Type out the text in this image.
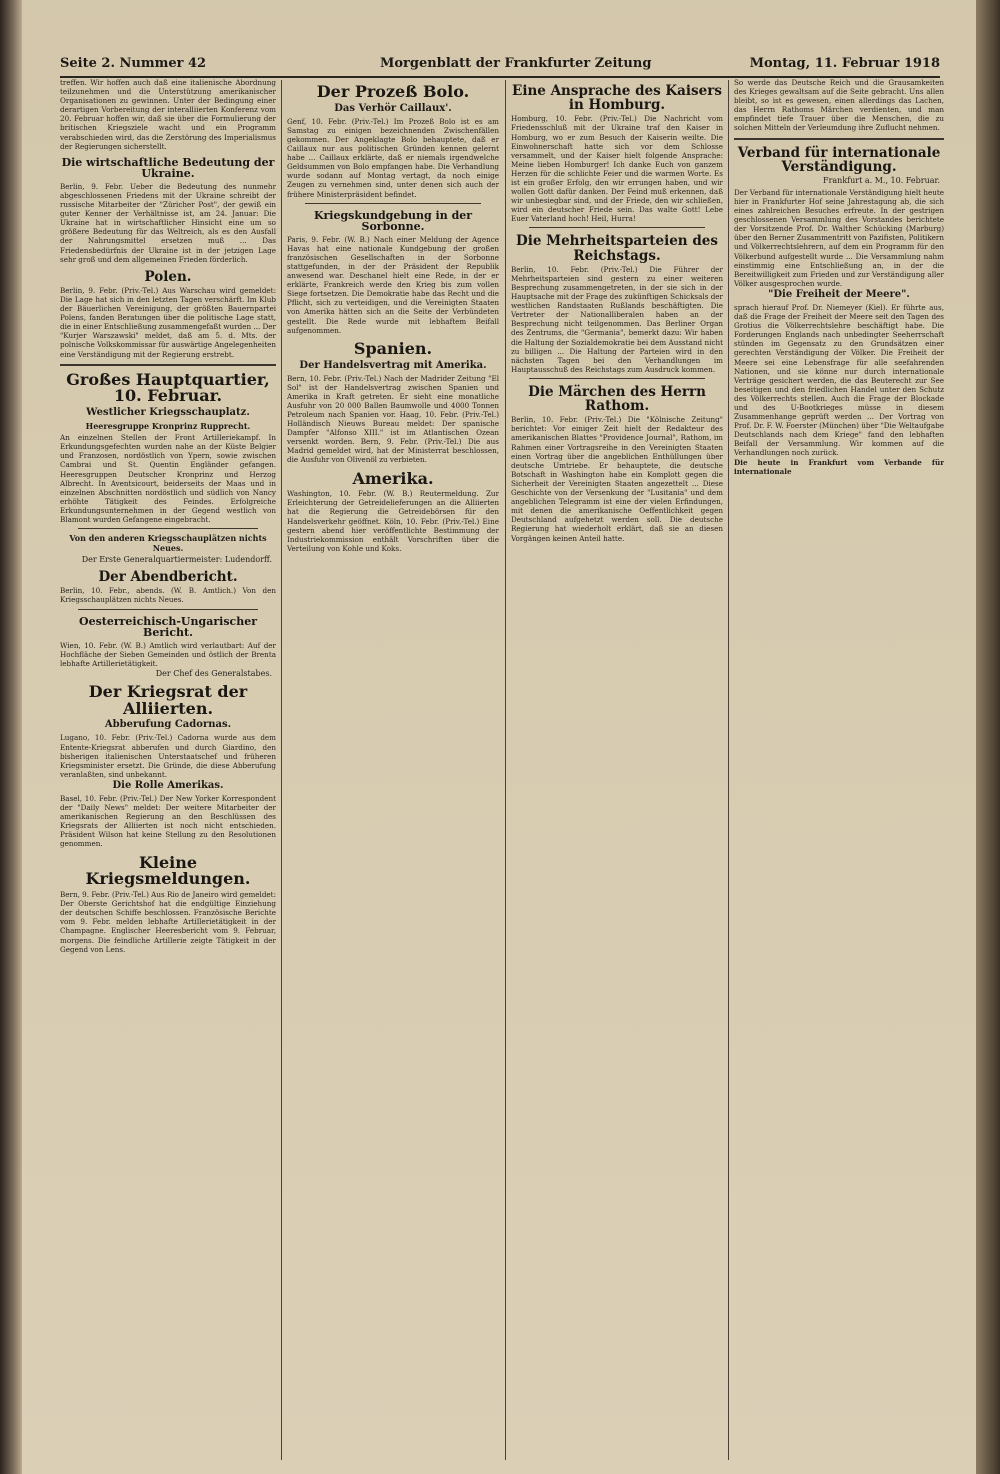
Seite 2. Nummer 42	Morgenblatt der Frankfurter Zeitung	Montag, 11. Februar 1918

treffen. Wir hoffen auch daß eine italienische Abordnung teilzunehmen und die Unterstützung amerikanischer Organisationen zu gewinnen. Unter der Bedingung einer derartigen Vorbereitung der interalliierten Konferenz vom 20. Februar hoffen wir, daß sie über die Formulierung der britischen Kriegsziele wacht und ein Programm verabschieden wird, das die Zerstörung des Imperialismus der Regierungen sicherstellt.

Die wirtschaftliche Bedeutung der Ukraine.

Berlin, 9. Febr. Ueber die Bedeutung des nunmehr abgeschlossenen Friedens mit der Ukraine schreibt der russische Mitarbeiter der "Züricher Post", der gewiß ein guter Kenner der Verhältnisse ist, am 24. Januar: Die Ukraine hat in wirtschaftlicher Hinsicht eine um so größere Bedeutung für das Weltreich, als es den Ausfall der Nahrungsmittel ersetzen muß ... Das Friedensbedürfnis der Ukraine ist in der jetzigen Lage sehr groß und dem allgemeinen Frieden förderlich.

Polen.

Berlin, 9. Febr. (Priv.-Tel.) Aus Warschau wird gemeldet: Die Lage hat sich in den letzten Tagen verschärft. Im Klub der Bäuerlichen Vereinigung, der größten Bauernpartei Polens, fanden Beratungen über die politische Lage statt, die in einer Entschließung zusammengefaßt wurden ... Der "Kurjer Warszawski" meldet, daß am 5. d. Mts. der polnische Volkskommissar für auswärtige Angelegenheiten eine Verständigung mit der Regierung erstrebt.

Großes Hauptquartier, 10. Februar.
Westlicher Kriegsschauplatz.
Heeresgruppe Kronprinz Rupprecht.

An einzelnen Stellen der Front Artilleriekampf. In Erkundungsgefechten wurden nahe an der Küste Belgier und Franzosen, nordöstlich von Ypern, sowie zwischen Cambrai und St. Quentin Engländer gefangen. Heeresgruppen Deutscher Kronprinz und Herzog Albrecht. In Aventsicourt, beiderseits der Maas und in einzelnen Abschnitten nordöstlich und südlich von Nancy erhöhte Tätigkeit des Feindes. Erfolgreiche Erkundungsunternehmen in der Gegend westlich von Blamont wurden Gefangene eingebracht.

Von den anderen Kriegsschauplätzen nichts Neues.
Der Erste Generalquartiermeister: Ludendorff.
Der Abendbericht.

Berlin, 10. Febr., abends. (W. B. Amtlich.) Von den Kriegsschauplätzen nichts Neues.

Oesterreichisch-Ungarischer Bericht.

Wien, 10. Febr. (W. B.) Amtlich wird verlautbart: Auf der Hochfläche der Sieben Gemeinden und östlich der Brenta lebhafte Artillerietätigkeit.

Der Chef des Generalstabes.
Der Kriegsrat der Alliierten.
Abberufung Cadornas.

Lugano, 10. Febr. (Priv.-Tel.) Cadorna wurde aus dem Entente-Kriegsrat abberufen und durch Giardino, den bisherigen italienischen Unterstaatschef und früheren Kriegsminister ersetzt. Die Gründe, die diese Abberufung veranlaßten, sind unbekannt.

Die Rolle Amerikas.

Basel, 10. Febr. (Priv.-Tel.) Der New Yorker Korrespondent der "Daily News" meldet: Der weitere Mitarbeiter der amerikanischen Regierung an den Beschlüssen des Kriegsrats der Alliierten ist noch nicht entschieden. Präsident Wilson hat keine Stellung zu den Resolutionen genommen.

Kleine Kriegsmeldungen.

Bern, 9. Febr. (Priv.-Tel.) Aus Rio de Janeiro wird gemeldet: Der Oberste Gerichtshof hat die endgültige Einziehung der deutschen Schiffe beschlossen. Französische Berichte vom 9. Febr. melden lebhafte Artillerietätigkeit in der Champagne. Englischer Heeresbericht vom 9. Februar, morgens. Die feindliche Artillerie zeigte Tätigkeit in der Gegend von Lens.

Der Prozeß Bolo.
Das Verhör Caillaux'.

Genf, 10. Febr. (Priv.-Tel.) Im Prozeß Bolo ist es am Samstag zu einigen bezeichnenden Zwischenfällen gekommen. Der Angeklagte Bolo behauptete, daß er Caillaux nur aus politischen Gründen kennen gelernt habe ... Caillaux erklärte, daß er niemals irgendwelche Geldsummen von Bolo empfangen habe. Die Verhandlung wurde sodann auf Montag vertagt, da noch einige Zeugen zu vernehmen sind, unter denen sich auch der frühere Ministerpräsident befindet.

Kriegskundgebung in der Sorbonne.

Paris, 9. Febr. (W. B.) Nach einer Meldung der Agence Havas hat eine nationale Kundgebung der großen französischen Gesellschaften in der Sorbonne stattgefunden, in der der Präsident der Republik anwesend war. Deschanel hielt eine Rede, in der er erklärte, Frankreich werde den Krieg bis zum vollen Siege fortsetzen. Die Demokratie habe das Recht und die Pflicht, sich zu verteidigen, und die Vereinigten Staaten von Amerika hätten sich an die Seite der Verbündeten gestellt. Die Rede wurde mit lebhaftem Beifall aufgenommen.

Spanien.
Der Handelsvertrag mit Amerika.

Bern, 10. Febr. (Priv.-Tel.) Nach der Madrider Zeitung "El Sol" ist der Handelsvertrag zwischen Spanien und Amerika in Kraft getreten. Er sieht eine monatliche Ausfuhr von 20 000 Ballen Baumwolle und 4000 Tonnen Petroleum nach Spanien vor. Haag, 10. Febr. (Priv.-Tel.) Holländisch Nieuws Bureau meldet: Der spanische Dampfer "Alfonso XIII." ist im Atlantischen Ozean versenkt worden. Bern, 9. Febr. (Priv.-Tel.) Die aus Madrid gemeldet wird, hat der Ministerrat beschlossen, die Ausfuhr von Olivenöl zu verbieten.

Amerika.

Washington, 10. Febr. (W. B.) Reutermeldung. Zur Erleichterung der Getreidelieferungen an die Alliierten hat die Regierung die Getreidebörsen für den Handelsverkehr geöffnet. Köln, 10. Febr. (Priv.-Tel.) Eine gestern abend hier veröffentlichte Bestimmung der Industriekommission enthält Vorschriften über die Verteilung von Kohle und Koks.

Eine Ansprache des Kaisers in Homburg.

Homburg, 10. Febr. (Priv.-Tel.) Die Nachricht vom Friedensschluß mit der Ukraine traf den Kaiser in Homburg, wo er zum Besuch der Kaiserin weilte. Die Einwohnerschaft hatte sich vor dem Schlosse versammelt, und der Kaiser hielt folgende Ansprache: Meine lieben Homburger! Ich danke Euch von ganzem Herzen für die schlichte Feier und die warmen Worte. Es ist ein großer Erfolg, den wir errungen haben, und wir wollen Gott dafür danken. Der Feind muß erkennen, daß wir unbesiegbar sind, und der Friede, den wir schließen, wird ein deutscher Friede sein. Das walte Gott! Lebe Euer Vaterland hoch! Heil, Hurra!

Die Mehrheitsparteien des Reichstags.

Berlin, 10. Febr. (Priv.-Tel.) Die Führer der Mehrheitsparteien sind gestern zu einer weiteren Besprechung zusammengetreten, in der sie sich in der Hauptsache mit der Frage des zukünftigen Schicksals der westlichen Randstaaten Rußlands beschäftigten. Die Vertreter der Nationalliberalen haben an der Besprechung nicht teilgenommen. Das Berliner Organ des Zentrums, die "Germania", bemerkt dazu: Wir haben die Haltung der Sozialdemokratie bei dem Ausstand nicht zu billigen ... Die Haltung der Parteien wird in den nächsten Tagen bei den Verhandlungen im Hauptausschuß des Reichstags zum Ausdruck kommen.

Die Märchen des Herrn Rathom.

Berlin, 10. Febr. (Priv.-Tel.) Die "Kölnische Zeitung" berichtet: Vor einiger Zeit hielt der Redakteur des amerikanischen Blattes "Providence Journal", Rathom, im Rahmen einer Vortragsreihe in den Vereinigten Staaten einen Vortrag über die angeblichen Enthüllungen über deutsche Umtriebe. Er behauptete, die deutsche Botschaft in Washington habe ein Komplott gegen die Sicherheit der Vereinigten Staaten angezettelt ... Diese Geschichte von der Versenkung der "Lusitania" und dem angeblichen Telegramm ist eine der vielen Erfindungen, mit denen die amerikanische Oeffentlichkeit gegen Deutschland aufgehetzt werden soll. Die deutsche Regierung hat wiederholt erklärt, daß sie an diesen Vorgängen keinen Anteil hatte.

So werde das Deutsche Reich und die Grausamkeiten des Krieges gewaltsam auf die Seite gebracht. Uns allen bleibt, so ist es gewesen, einen allerdings das Lachen, das Herrn Rathoms Märchen verdienten, und man empfindet tiefe Trauer über die Menschen, die zu solchen Mitteln der Verleumdung ihre Zuflucht nehmen.

Verband für internationale Verständigung.
Frankfurt a. M., 10. Februar.

Der Verband für internationale Verständigung hielt heute hier in Frankfurter Hof seine Jahrestagung ab, die sich eines zahlreichen Besuches erfreute. In der gestrigen geschlossenen Versammlung des Vorstandes berichtete der Vorsitzende Prof. Dr. Walther Schücking (Marburg) über den Berner Zusammentritt von Pazifisten, Politikern und Völkerrechtslehrern, auf dem ein Programm für den Völkerbund aufgestellt wurde ... Die Versammlung nahm einstimmig eine Entschließung an, in der die Bereitwilligkeit zum Frieden und zur Verständigung aller Völker ausgesprochen wurde.

"Die Freiheit der Meere".

sprach hierauf Prof. Dr. Niemeyer (Kiel). Er führte aus, daß die Frage der Freiheit der Meere seit den Tagen des Grotius die Völkerrechtslehre beschäftigt habe. Die Forderungen Englands nach unbedingter Seeherrschaft stünden im Gegensatz zu den Grundsätzen einer gerechten Verständigung der Völker. Die Freiheit der Meere sei eine Lebensfrage für alle seefahrenden Nationen, und sie könne nur durch internationale Verträge gesichert werden, die das Beuterecht zur See beseitigen und den friedlichen Handel unter den Schutz des Völkerrechts stellen. Auch die Frage der Blockade und des U-Bootkrieges müsse in diesem Zusammenhange geprüft werden ... Der Vortrag von Prof. Dr. F. W. Foerster (München) über "Die Weltaufgabe Deutschlands nach dem Kriege" fand den lebhaften Beifall der Versammlung. Wir kommen auf die Verhandlungen noch zurück.

Die heute in Frankfurt vom Verbande für internationale
